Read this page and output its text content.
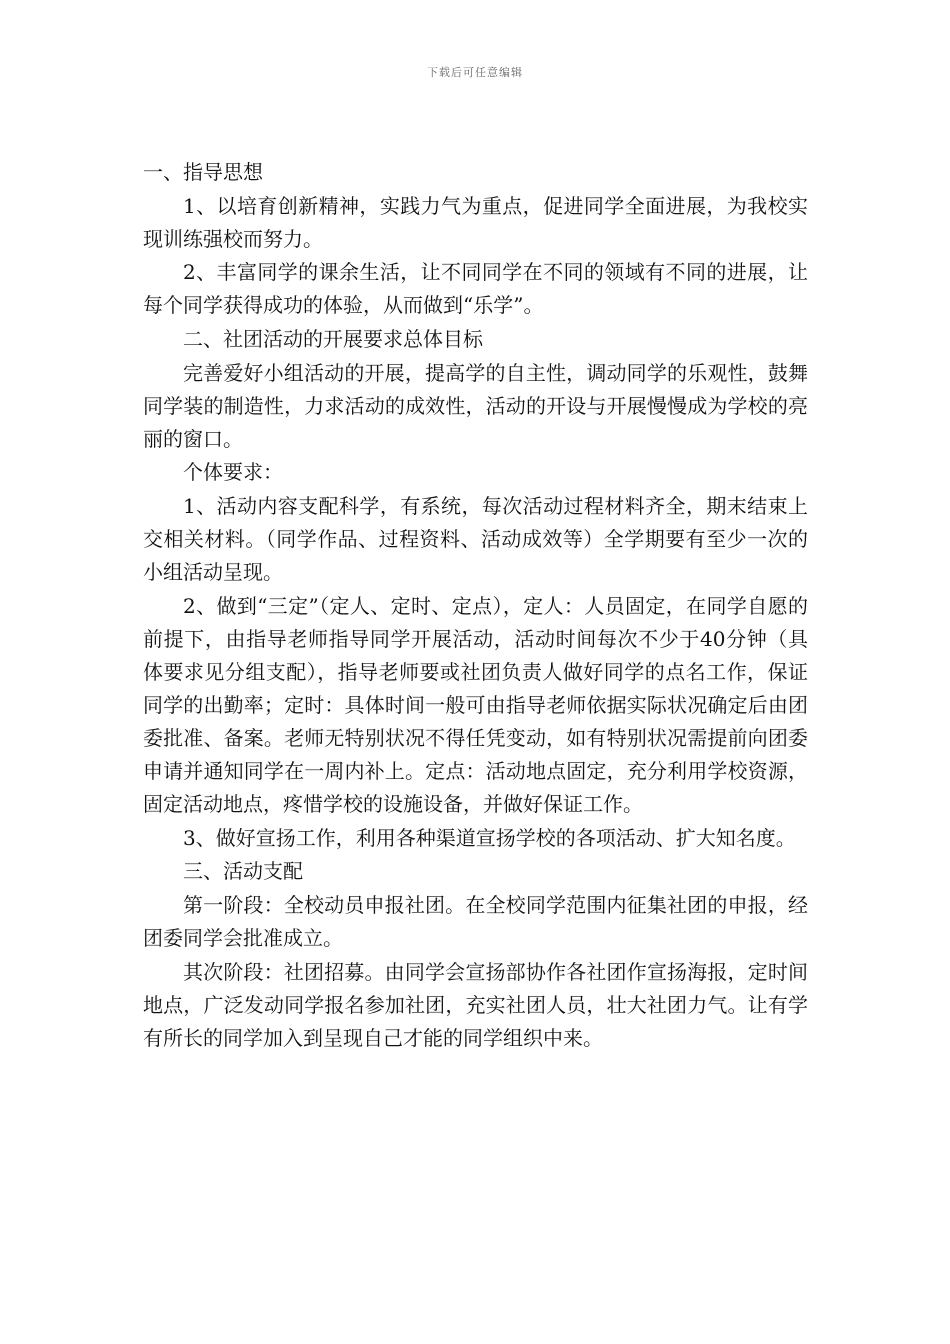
下载后可任意编辑

一、指导思想

1、以培育创新精神，实践力气为重点，促进同学全面进展，为我校实现训练强校而努力。

2、丰富同学的课余生活，让不同同学在不同的领域有不同的进展，让每个同学获得成功的体验，从而做到“乐学”。

二、社团活动的开展要求总体目标

完善爱好小组活动的开展，提高学的自主性，调动同学的乐观性，鼓舞同学装的制造性，力求活动的成效性，活动的开设与开展慢慢成为学校的亮丽的窗口。

个体要求：

1、活动内容支配科学，有系统，每次活动过程材料齐全，期末结束上交相关材料。（同学作品、过程资料、活动成效等）全学期要有至少一次的小组活动呈现。

2、做到“三定”（定人、定时、定点），定人：人员固定，在同学自愿的前提下，由指导老师指导同学开展活动，活动时间每次不少于40分钟（具体要求见分组支配），指导老师要或社团负责人做好同学的点名工作，保证同学的出勤率；定时：具体时间一般可由指导老师依据实际状况确定后由团委批准、备案。老师无特别状况不得任凭变动，如有特别状况需提前向团委申请并通知同学在一周内补上。定点：活动地点固定，充分利用学校资源，固定活动地点，疼惜学校的设施设备，并做好保证工作。

3、做好宣扬工作，利用各种渠道宣扬学校的各项活动、扩大知名度。

三、活动支配

第一阶段：全校动员申报社团。在全校同学范围内征集社团的申报，经团委同学会批准成立。

其次阶段：社团招募。由同学会宣扬部协作各社团作宣扬海报，定时间地点，广泛发动同学报名参加社团，充实社团人员，壮大社团力气。让有学有所长的同学加入到呈现自己才能的同学组织中来。
